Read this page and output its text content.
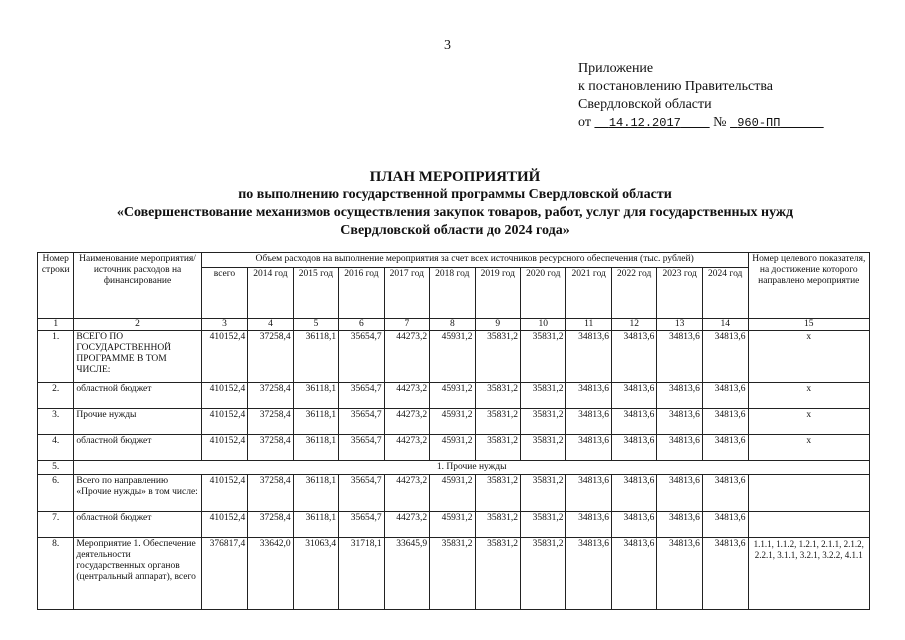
3
Приложение
к постановлению Правительства
Свердловской области
от 14.12.2017 № 960-ПП
ПЛАН МЕРОПРИЯТИЙ
по выполнению государственной программы Свердловской области
«Совершенствование механизмов осуществления закупок товаров, работ, услуг для государственных нужд
Свердловской области до 2024 года»
Номер строки	Наименование мероприятия/ источник расходов на финансирование	Объем расходов на выполнение мероприятия за счет всех источников ресурсного обеспечения (тыс. рублей)												Номер целевого показателя, на достижение которого направлено мероприятие
		всего	2014 год	2015 год	2016 год	2017 год	2018 год	2019 год	2020 год	2021 год	2022 год	2023 год	2024 год	
1	2	3	4	5	6	7	8	9	10	11	12	13	14	15
1.	ВСЕГО ПО ГОСУДАРСТВЕННОЙ ПРОГРАММЕ В ТОМ ЧИСЛЕ:	410152,4	37258,4	36118,1	35654,7	44273,2	45931,2	35831,2	35831,2	34813,6	34813,6	34813,6	34813,6	х
2.	областной бюджет	410152,4	37258,4	36118,1	35654,7	44273,2	45931,2	35831,2	35831,2	34813,6	34813,6	34813,6	34813,6	х
3.	Прочие нужды	410152,4	37258,4	36118,1	35654,7	44273,2	45931,2	35831,2	35831,2	34813,6	34813,6	34813,6	34813,6	х
4.	областной бюджет	410152,4	37258,4	36118,1	35654,7	44273,2	45931,2	35831,2	35831,2	34813,6	34813,6	34813,6	34813,6	х
5.	1. Прочие нужды													
6.	Всего по направлению «Прочие нужды» в том числе:	410152,4	37258,4	36118,1	35654,7	44273,2	45931,2	35831,2	35831,2	34813,6	34813,6	34813,6	34813,6	
7.	областной бюджет	410152,4	37258,4	36118,1	35654,7	44273,2	45931,2	35831,2	35831,2	34813,6	34813,6	34813,6	34813,6	
8.	Мероприятие 1. Обеспечение деятельности государственных органов (центральный аппарат), всего	376817,4	33642,0	31063,4	31718,1	33645,9	35831,2	35831,2	35831,2	34813,6	34813,6	34813,6	34813,6	1.1.1, 1.1.2, 1.2.1, 2.1.1, 2.1.2, 2.2.1, 3.1.1, 3.2.1, 3.2.2, 4.1.1
